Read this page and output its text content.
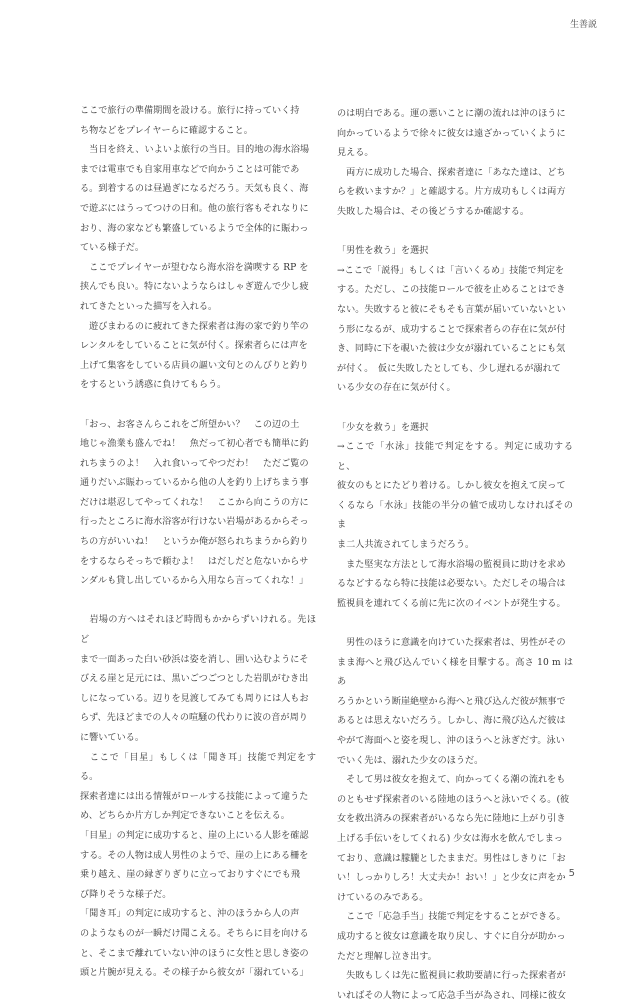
生善説

ここで旅行の準備期間を設ける。旅行に持っていく持
ち物などをプレイヤーらに確認すること。

　当日を終え、いよいよ旅行の当日。目的地の海水浴場
までは電車でも自家用車などで向かうことは可能であ
る。到着するのは昼過ぎになるだろう。天気も良く、海
で遊ぶにはうってつけの日和。他の旅行客もそれなりに
おり、海の家なども繁盛しているようで全体的に賑わっ
ている様子だ。

　ここでプレイヤーが望むなら海水浴を満喫する RP を
挟んでも良い。特にないようならはしゃぎ遊んで少し疲
れてきたといった描写を入れる。

　遊びまわるのに疲れてきた探索者は海の家で釣り竿の
レンタルをしていることに気が付く。探索者らには声を
上げて集客をしている店員の謳い文句とのんびりと釣り
をするという誘惑に負けてもらう。

「おっ、お客さんらこれをご所望かい？　この辺の土
地じゃ漁業も盛んでね！　魚だって初心者でも簡単に釣
れちまうのよ！　入れ食いってやつだわ！　ただご覧の
通りだいぶ賑わっているから他の人を釣り上げちまう事
だけは堪忍してやってくれな！　ここから向こうの方に
行ったところに海水浴客が行けない岩場があるからそっ
ちの方がいいね！　というか俺が怒られちまうから釣り
をするならそっちで頼むよ！　はだしだと危ないからサ
ンダルも貸し出しているから入用なら言ってくれな！」

　岩場の方へはそれほど時間もかからずいけれる。先ほど
まで一面あった白い砂浜は姿を消し、囲い込むようにそ
びえる崖と足元には、黒いごつごつとした岩肌がむき出
しになっている。辺りを見渡してみても周りには人もお
らず、先ほどまでの人々の喧騒の代わりに波の音が周り
に響いている。

　ここで「目星」もしくは「聞き耳」技能で判定をする。
探索者達には出る情報がロールする技能によって違うた
め、どちらか片方しか判定できないことを伝える。

「目星」の判定に成功すると、崖の上にいる人影を確認
する。その人物は成人男性のようで、崖の上にある柵を
乗り越え、崖の縁ぎりぎりに立っておりすぐにでも飛
び降りそうな様子だ。

「聞き耳」の判定に成功すると、沖のほうから人の声
のようなものが一瞬だけ聞こえる。そちらに目を向ける
と、そこまで離れていない沖のほうに女性と思しき姿の
頭と片腕が見える。その様子から彼女が「溺れている」

のは明白である。運の悪いことに潮の流れは沖のほうに
向かっているようで徐々に彼女は遠ざかっていくように
見える。

　両方に成功した場合、探索者達に「あなた達は、どち
らを救いますか？」と確認する。片方成功もしくは両方
失敗した場合は、その後どうするか確認する。

「男性を救う」を選択
→ここで「説得」もしくは「言いくるめ」技能で判定を
する。ただし、この技能ロールで彼を止めることはでき
ない。失敗すると彼にそもそも言葉が届いていないとい
う形になるが、成功することで探索者らの存在に気が付
き、同時に下を覗いた彼は少女が溺れていることにも気
が付く。　仮に失敗したとしても、少し遅れるが溺れて
いる少女の存在に気が付く。

「少女を救う」を選択
→ここで「水泳」技能で判定をする。判定に成功すると、
彼女のもとにたどり着ける。しかし彼女を抱えて戻って
くるなら「水泳」技能の半分の値で成功しなければそのま
ま二人共流されてしまうだろう。

　また堅実な方法として海水浴場の監視員に助けを求め
るなどするなら特に技能は必要ない。ただしその場合は
監視員を連れてくる前に先に次のイベントが発生する。

　男性のほうに意識を向けていた探索者は、男性がその
まま海へと飛び込んでいく様を目撃する。高さ 10 m はあ
ろうかという断崖絶壁から海へと飛び込んだ彼が無事で
あるとは思えないだろう。しかし、海に飛び込んだ彼は
やがて海面へと姿を現し、沖のほうへと泳ぎだす。泳い
でいく先は、溺れた少女のほうだ。

　そして男は彼女を抱えて、向かってくる潮の流れをも
のともせず探索者のいる陸地のほうへと泳いでくる。(彼
女を救出済みの探索者がいるなら先に陸地に上がり引き
上げる手伝いをしてくれる) 少女は海水を飲んでしまっ
ており、意識は朦朧としたままだ。男性はしきりに「お
い！しっかりしろ！大丈夫か！おい！」と少女に声をか
けているのみである。

　ここで「応急手当」技能で判定をすることができる。
成功すると彼女は意識を取り戻し、すぐに自分が助かっ
ただと理解し泣き出す。

　失敗もしくは先に監視員に救助要請に行った探索者が
いればその人物によって応急手当が為され、同様に彼女

5
